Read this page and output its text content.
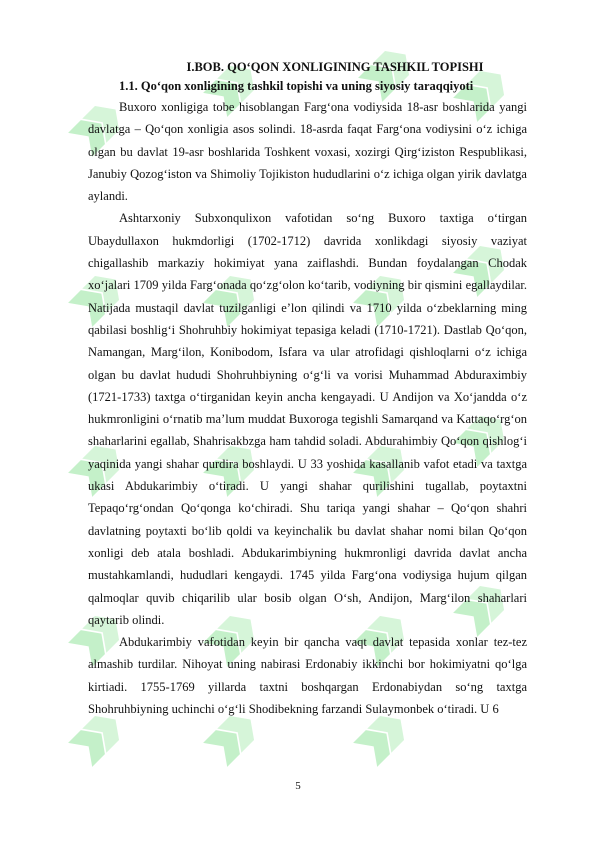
I.BOB. QO‘QON XONLIGINING TASHKIL TOPISHI
1.1. Qo‘qon xonligining tashkil topishi va uning siyosiy taraqqiyoti

Buxoro xonligiga tobe hisoblangan Farg‘ona vodiysida 18-asr boshlarida yangi davlatga – Qo‘qon xonligia asos solindi. 18-asrda faqat Farg‘ona vodiysini o‘z ichiga olgan bu davlat 19-asr boshlarida Toshkent voxasi, xozirgi Qirg‘iziston Respublikasi, Janubiy Qozog‘iston va Shimoliy Tojikiston hududlarini o‘z ichiga olgan yirik davlatga aylandi.

Ashtarxoniy Subxonqulixon vafotidan so‘ng Buxoro taxtiga o‘tirgan Ubaydullaxon hukmdorligi (1702-1712) davrida xonlikdagi siyosiy vaziyat chigallashib markaziy hokimiyat yana zaiflashdi. Bundan foydalangan Chodak xo‘jalari 1709 yilda Farg‘onada qo‘zg‘olon ko‘tarib, vodiyning bir qismini egallaydilar. Natijada mustaqil davlat tuzilganligi e’lon qilindi va 1710 yilda o‘zbeklarning ming qabilasi boshlig‘i Shohruhbiy hokimiyat tepasiga keladi (1710-1721). Dastlab Qo‘qon, Namangan, Marg‘ilon, Konibodom, Isfara va ular atrofidagi qishloqlarni o‘z ichiga olgan bu davlat hududi Shohruhbiyning o‘g‘li va vorisi Muhammad Abduraximbiy (1721-1733) taxtga o‘tirganidan keyin ancha kengayadi. U Andijon va Xo‘jandda o‘z hukmronligini o‘rnatib ma’lum muddat Buxoroga tegishli Samarqand va Kattaqo‘rg‘on shaharlarini egallab, Shahrisakbzga ham tahdid soladi. Abdurahimbiy Qo‘qon qishlog‘i yaqinida yangi shahar qurdira boshlaydi. U 33 yoshida kasallanib vafot etadi va taxtga ukasi Abdukarimbiy o‘tiradi. U yangi shahar qurilishini tugallab, poytaxtni Tepaqo‘rg‘ondan Qo‘qonga ko‘chiradi. Shu tariqa yangi shahar – Qo‘qon shahri davlatning poytaxti bo‘lib qoldi va keyinchalik bu davlat shahar nomi bilan Qo‘qon xonligi deb atala boshladi. Abdukarimbiyning hukmronligi davrida davlat ancha mustahkamlandi, hududlari kengaydi. 1745 yilda Farg‘ona vodiysiga hujum qilgan qalmoqlar quvib chiqarilib ular bosib olgan O‘sh, Andijon, Marg‘ilon shaharlari qaytarib olindi.

Abdukarimbiy vafotidan keyin bir qancha vaqt davlat tepasida xonlar tez-tez almashib turdilar. Nihoyat uning nabirasi Erdonabiy ikkinchi bor hokimiyatni qo‘lga kirtiadi. 1755-1769 yillarda taxtni boshqargan Erdonabiydan so‘ng taxtga Shohruhbiyning uchinchi o‘g‘li Shodibekning farzandi Sulaymonbek o‘tiradi. U 6

5
